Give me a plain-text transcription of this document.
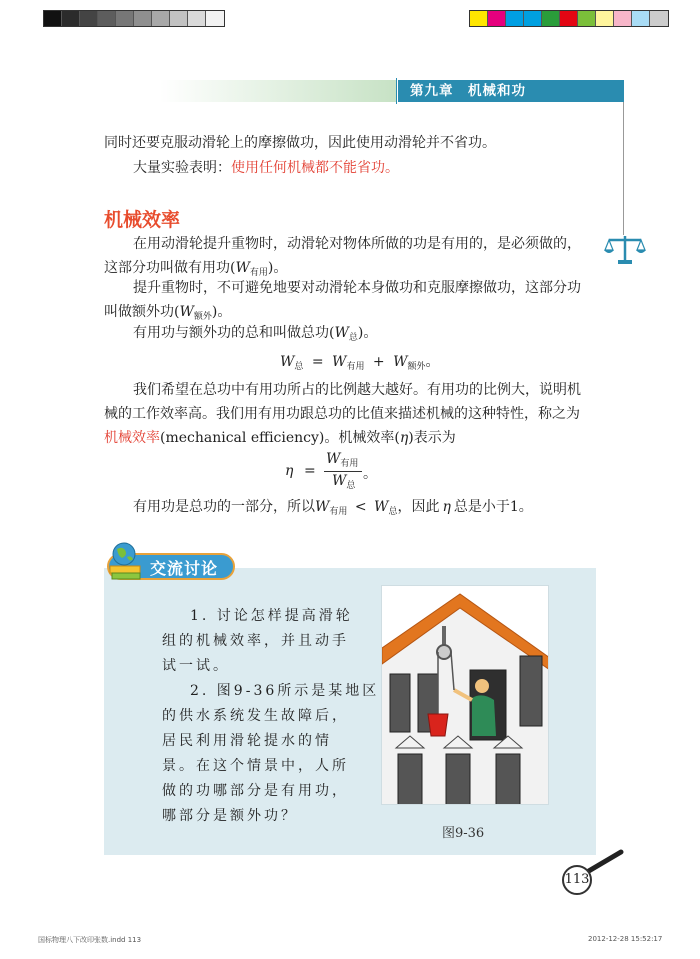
第九章　机械和功
同时还要克服动滑轮上的摩擦做功，因此使用动滑轮并不省功。
大量实验表明：使用任何机械都不能省功。
机械效率
在用动滑轮提升重物时，动滑轮对物体所做的功是有用的，是必须做的，
这部分功叫做有用功$(W_{有用})$。
提升重物时，不可避免地要对动滑轮本身做功和克服摩擦做功，这部分功
叫做额外功$(W_{额外})$。
有用功与额外功的总和叫做总功$(W_总)$。
$W_总 = W_{有用} + W_{额外}$。
我们希望在总功中有用功所占的比例越大越好。有用功的比例大，说明机
械的工作效率高。我们用有用功跟总功的比值来描述机械的这种特性，称之为
机械效率(mechanical efficiency)。机械效率(η)表示为
η =
$W_{有用}$
$W_总$
。
有用功是总功的一部分，所以$W_{有用} < W_总$，因此 η 总是小于1。
交流讨论
1. 讨论怎样提高滑轮
组的机械效率，并且动手
试一试。
2. 图9-36所示是某地区
的供水系统发生故障后，
居民利用滑轮提水的情
景。在这个情景中，人所
做的功哪部分是有用功，
哪部分是额外功？
图9-36
113
国标物理八下改印张数.indd 113	2012-12-28 15:52:17
